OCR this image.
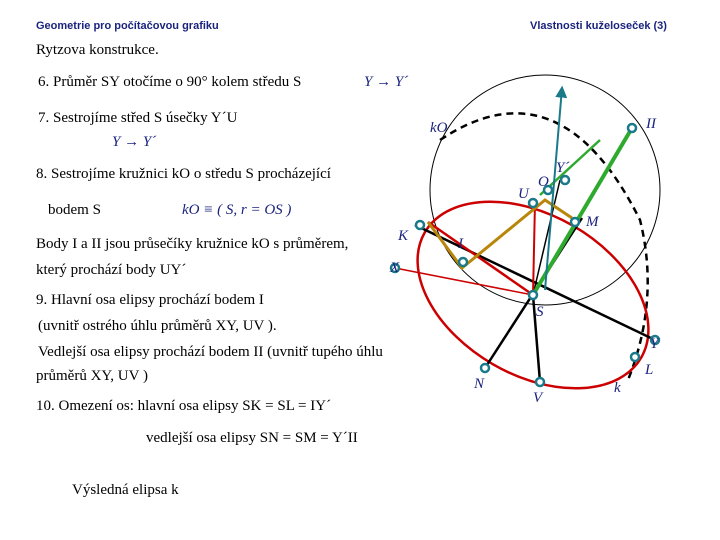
Geometrie pro počítačovou grafiku	Vlastnosti kuželoseček (3)
Rytzova konstrukce.
6. Průměr SY otočíme o 90° kolem středu S	Y → Y´
7. Sestrojíme střed S úsečky Y´U
Y → Y´
8. Sestrojíme kružnici kO o středu S procházející
bodem S	kO ≡ ( S, r = OS )
Body I a II jsou průsečíky kružnice kO s průměrem,
který prochází body UY´
9. Hlavní osa elipsy prochází bodem I
(uvnitř ostrého úhlu průměrů XY, UV ).
Vedlejší osa elipsy prochází bodem II (uvnitř tupého úhlu
průměrů XY, UV )
10. Omezení os: hlavní osa elipsy SK = SL = IY´
vedlejší osa elipsy SN = SM = Y´II
Výsledná elipsa k
II
kO
Y´
O
U
M
K	I
X
S
Y
L
N
V
k
